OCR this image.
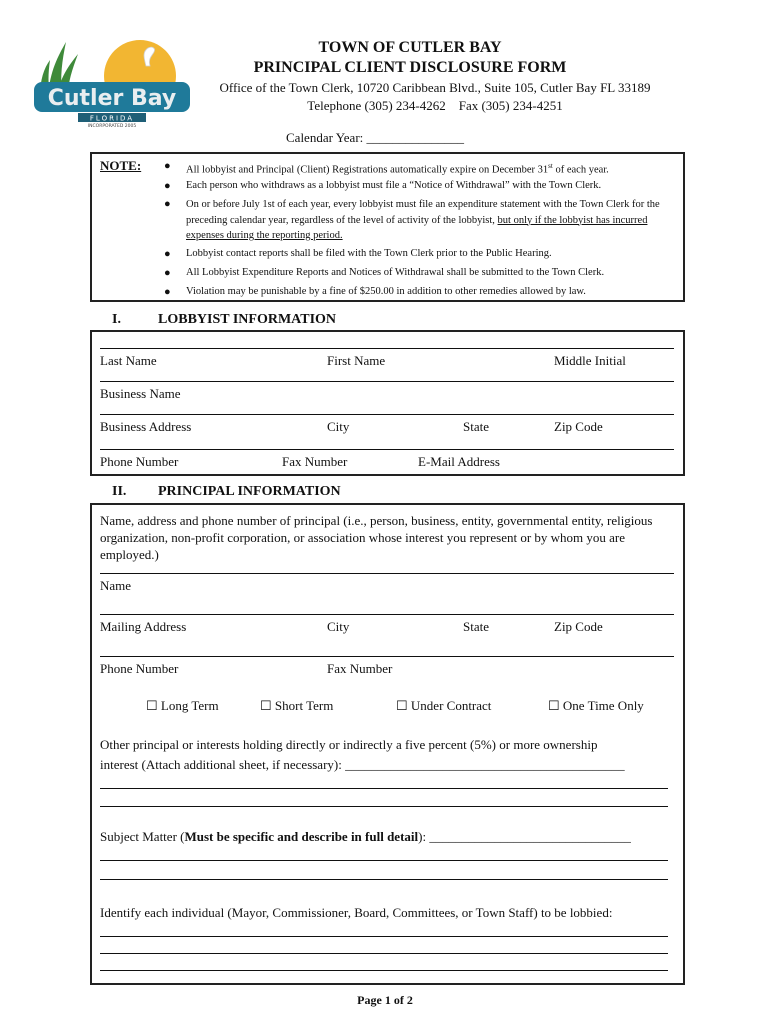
Cutler Bay
FLORIDA
INCORPORATED 2005
TOWN OF CUTLER BAY
PRINCIPAL CLIENT DISCLOSURE FORM
Office of the Town Clerk, 10720 Caribbean Blvd., Suite 105, Cutler Bay FL 33189
Telephone (305) 234-4262    Fax (305) 234-4251
Calendar Year: _______________
NOTE: ● All lobbyist and Principal (Client) Registrations automatically expire on December 31st of each year.
● Each person who withdraws as a lobbyist must file a “Notice of Withdrawal” with the Town Clerk.
● On or before July 1st of each year, every lobbyist must file an expenditure statement with the Town Clerk for the preceding calendar year, regardless of the level of activity of the lobbyist, but only if the lobbyist has incurred expenses during the reporting period.
● Lobbyist contact reports shall be filed with the Town Clerk prior to the Public Hearing.
● All Lobbyist Expenditure Reports and Notices of Withdrawal shall be submitted to the Town Clerk.
● Violation may be punishable by a fine of $250.00 in addition to other remedies allowed by law.
I.	LOBBYIST INFORMATION
Last Name	First Name	Middle Initial
Business Name
Business Address	City	State	Zip Code
Phone Number	Fax Number	E-Mail Address
II. PRINCIPAL INFORMATION
Name, address and phone number of principal (i.e., person, business, entity, governmental entity, religious organization, non-profit corporation, or association whose interest you represent or by whom you are employed.)
Name
Mailing Address	City	State	Zip Code
Phone Number	Fax Number
☐ Long Term	☐ Short Term	☐ Under Contract	☐ One Time Only
Other principal or interests holding directly or indirectly a five percent (5%) or more ownership
interest (Attach additional sheet, if necessary): ___________________________________________
Subject Matter (Must be specific and describe in full detail): _______________________________
Identify each individual (Mayor, Commissioner, Board, Committees, or Town Staff) to be lobbied:
Page 1 of 2
